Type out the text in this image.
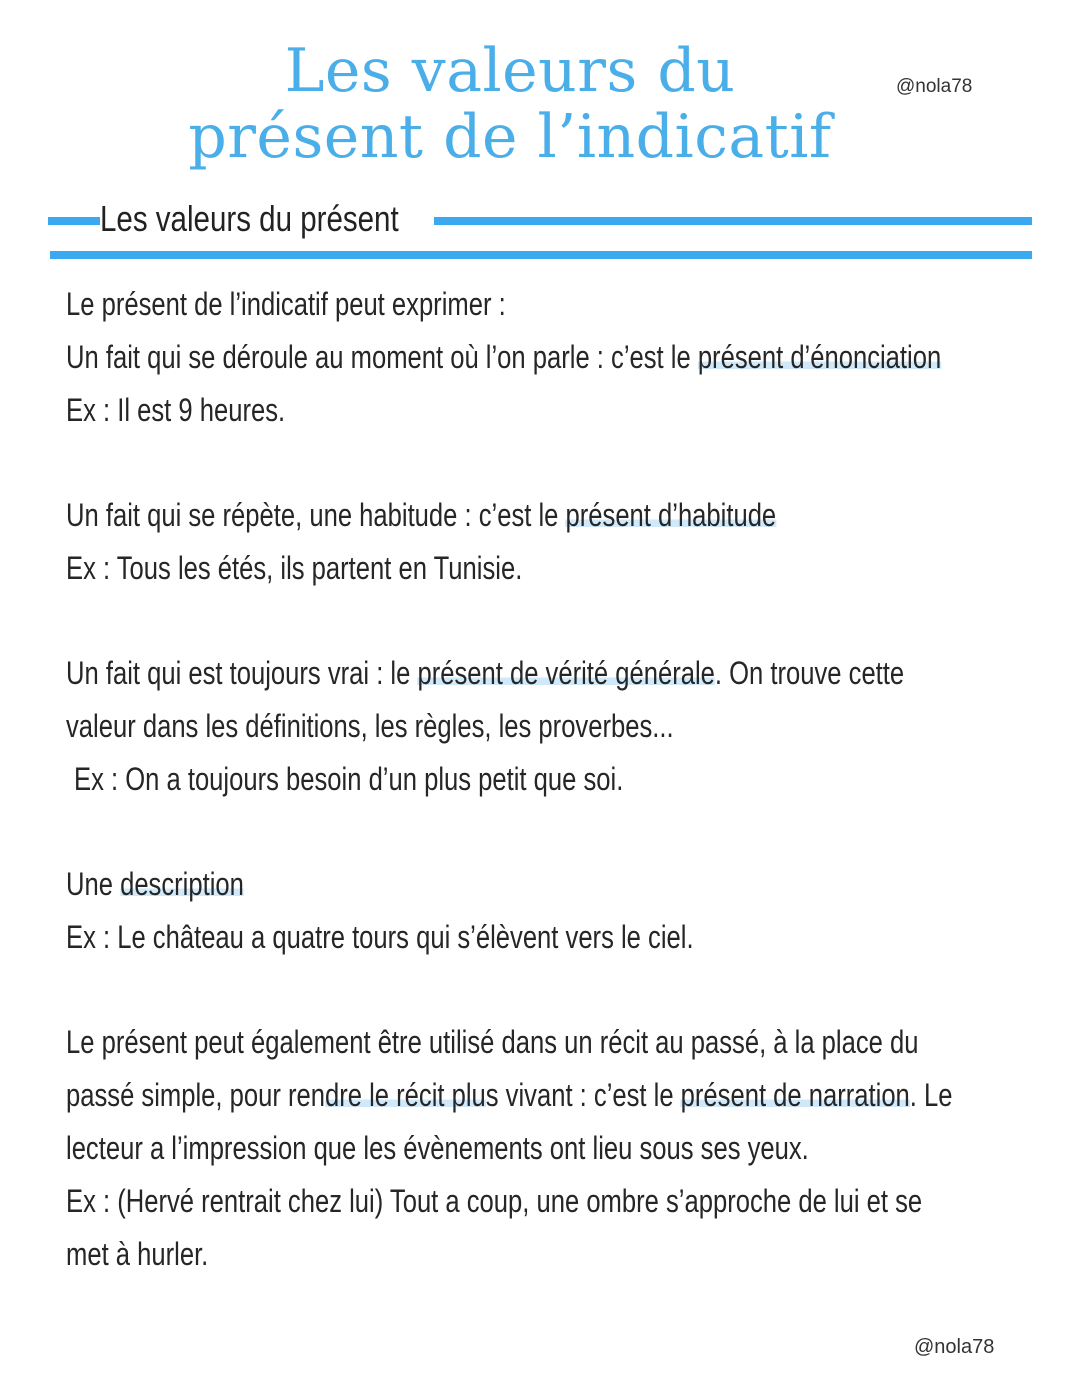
Les valeurs du
présent de l’indicatif
@nola78
Les valeurs du présent
Le présent de l’indicatif peut exprimer :
Un fait qui se déroule au moment où l’on parle : c’est le présent d’énonciation
Ex : Il est 9 heures.
Un fait qui se répète, une habitude : c’est le présent d’habitude
Ex : Tous les étés, ils partent en Tunisie.
Un fait qui est toujours vrai : le présent de vérité générale. On trouve cette
valeur dans les définitions, les règles, les proverbes...
Ex : On a toujours besoin d’un plus petit que soi.
Une description
Ex : Le château a quatre tours qui s’élèvent vers le ciel.
Le présent peut également être utilisé dans un récit au passé, à la place du
passé simple, pour rendre le récit plus vivant : c’est le présent de narration. Le
lecteur a l’impression que les évènements ont lieu sous ses yeux.
Ex : (Hervé rentrait chez lui) Tout a coup, une ombre s’approche de lui et se
met à hurler.
@nola78
